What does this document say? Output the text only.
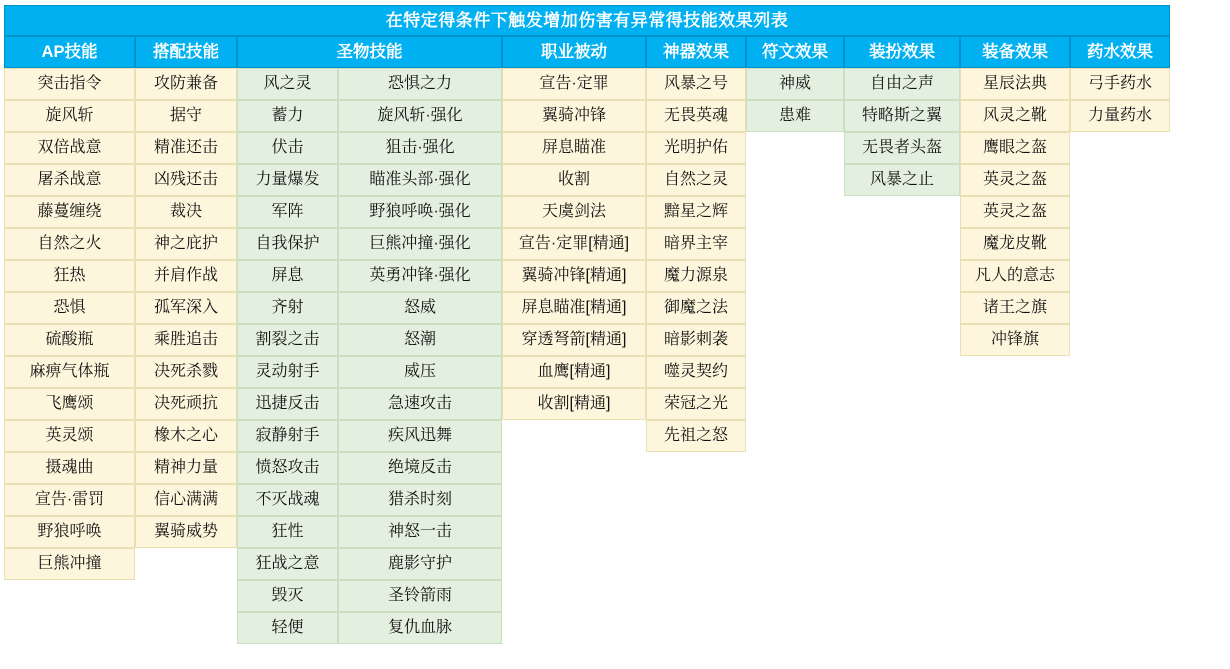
在特定得条件下触发增加伤害有异常得技能效果列表									
AP技能	搭配技能	圣物技能		职业被动	神器效果	符文效果	装扮效果	装备效果	药水效果
突击指令	攻防兼备	风之灵	恐惧之力	宣告·定罪	风暴之号	神威	自由之声	星辰法典	弓手药水
旋风斩	据守	蓄力	旋风斩·强化	翼骑冲锋	无畏英魂	患难	特略斯之翼	风灵之靴	力量药水
双倍战意	精准还击	伏击	狙击·强化	屏息瞄准	光明护佑		无畏者头盔	鹰眼之盔	
屠杀战意	凶残还击	力量爆发	瞄准头部·强化	收割	自然之灵		风暴之止	英灵之盔	
藤蔓缠绕	裁决	军阵	野狼呼唤·强化	天虞剑法	黯星之辉			英灵之盔	
自然之火	神之庇护	自我保护	巨熊冲撞·强化	宣告·定罪[精通]	暗界主宰			魔龙皮靴	
狂热	并肩作战	屏息	英勇冲锋·强化	翼骑冲锋[精通]	魔力源泉			凡人的意志	
恐惧	孤军深入	齐射	怒威	屏息瞄准[精通]	御魔之法			诸王之旗	
硫酸瓶	乘胜追击	割裂之击	怒潮	穿透弩箭[精通]	暗影刺袭			冲锋旗	
麻痹气体瓶	决死杀戮	灵动射手	威压	血鹰[精通]	噬灵契约				
飞鹰颂	决死顽抗	迅捷反击	急速攻击	收割[精通]	荣冠之光				
英灵颂	橡木之心	寂静射手	疾风迅舞		先祖之怒				
摄魂曲	精神力量	愤怒攻击	绝境反击						
宣告·雷罚	信心满满	不灭战魂	猎杀时刻						
野狼呼唤	翼骑威势	狂性	神怒一击						
巨熊冲撞		狂战之意	鹿影守护						
		毁灭	圣铃箭雨						
		轻便	复仇血脉						
